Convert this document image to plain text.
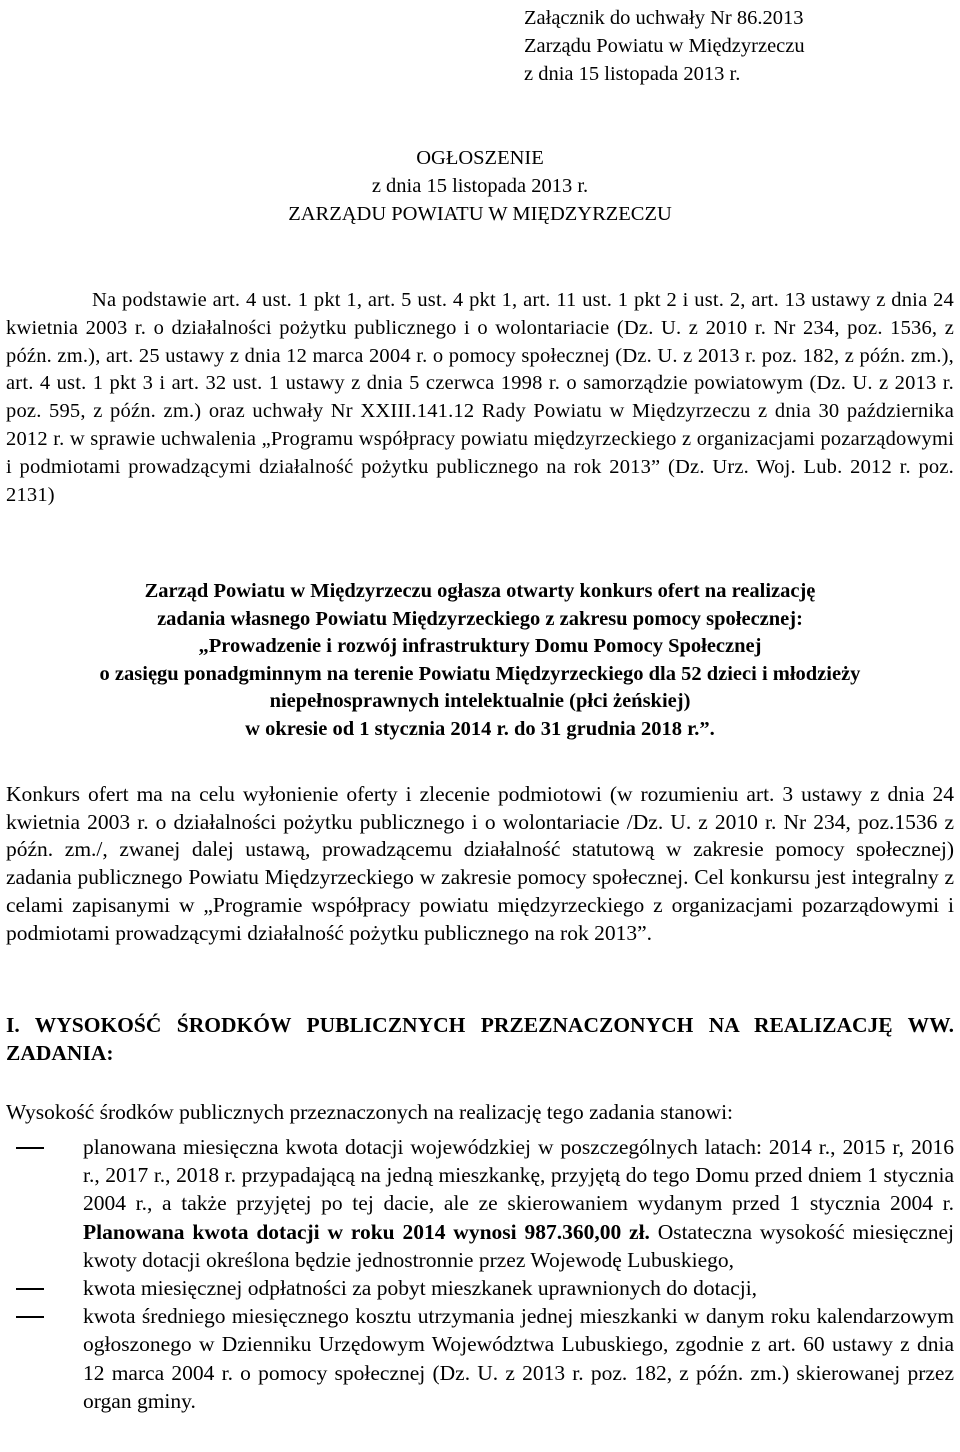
Załącznik do uchwały Nr 86.2013
Zarządu Powiatu w Międzyrzeczu
z dnia 15 listopada 2013 r.
OGŁOSZENIE
z dnia 15 listopada 2013 r.
ZARZĄDU POWIATU W MIĘDZYRZECZU

Na podstawie art. 4 ust. 1 pkt 1, art. 5 ust. 4 pkt 1, art. 11 ust. 1 pkt 2 i ust. 2, art. 13 ustawy z dnia 24 kwietnia 2003 r. o działalności pożytku publicznego i o wolontariacie (Dz. U. z 2010 r. Nr 234, poz. 1536, z późn. zm.), art. 25 ustawy z dnia 12 marca 2004 r. o pomocy społecznej (Dz. U. z 2013 r. poz. 182, z późn. zm.), art. 4 ust. 1 pkt 3 i art. 32 ust. 1 ustawy z dnia 5 czerwca 1998 r. o samorządzie powiatowym (Dz. U. z 2013 r. poz. 595, z późn. zm.) oraz uchwały Nr XXIII.141.12 Rady Powiatu w Międzyrzeczu z dnia 30 października 2012 r. w sprawie uchwalenia „Programu współpracy powiatu międzyrzeckiego z organizacjami pozarządowymi i podmiotami prowadzącymi działalność pożytku publicznego na rok 2013” (Dz. Urz. Woj. Lub. 2012 r. poz. 2131)

Zarząd Powiatu w Międzyrzeczu ogłasza otwarty konkurs ofert na realizację
zadania własnego Powiatu Międzyrzeckiego z zakresu pomocy społecznej:
„Prowadzenie i rozwój infrastruktury Domu Pomocy Społecznej
o zasięgu ponadgminnym na terenie Powiatu Międzyrzeckiego dla 52 dzieci i młodzieży
niepełnosprawnych intelektualnie (płci żeńskiej)
w okresie od 1 stycznia 2014 r. do 31 grudnia 2018 r.”.

Konkurs ofert ma na celu wyłonienie oferty i zlecenie podmiotowi (w rozumieniu art. 3 ustawy z dnia 24 kwietnia 2003 r. o działalności pożytku publicznego i o wolontariacie /Dz. U. z 2010 r. Nr 234, poz.1536 z późn. zm./, zwanej dalej ustawą, prowadzącemu działalność statutową w zakresie pomocy społecznej) zadania publicznego Powiatu Międzyrzeckiego w zakresie pomocy społecznej. Cel konkursu jest integralny z celami zapisanymi w „Programie współpracy powiatu międzyrzeckiego z organizacjami pozarządowymi i podmiotami prowadzącymi działalność pożytku publicznego na rok 2013”.

I. WYSOKOŚĆ ŚRODKÓW PUBLICZNYCH PRZEZNACZONYCH NA REALIZACJĘ WW. ZADANIA:

Wysokość środków publicznych przeznaczonych na realizację tego zadania stanowi:

planowana miesięczna kwota dotacji wojewódzkiej w poszczególnych latach: 2014 r., 2015 r, 2016 r., 2017 r., 2018 r. przypadającą na jedną mieszkankę, przyjętą do tego Domu przed dniem 1 stycznia 2004 r., a także przyjętej po tej dacie, ale ze skierowaniem wydanym przed 1 stycznia 2004 r. Planowana kwota dotacji w roku 2014 wynosi 987.360,00 zł. Ostateczna wysokość miesięcznej kwoty dotacji określona będzie jednostronnie przez Wojewodę Lubuskiego,
kwota miesięcznej odpłatności za pobyt mieszkanek uprawnionych do dotacji,
kwota średniego miesięcznego kosztu utrzymania jednej mieszkanki w danym roku kalendarzowym ogłoszonego w Dzienniku Urzędowym Województwa Lubuskiego, zgodnie z art. 60 ustawy z dnia 12 marca 2004 r. o pomocy społecznej (Dz. U. z 2013 r. poz. 182, z późn. zm.) skierowanej przez organ gminy.
